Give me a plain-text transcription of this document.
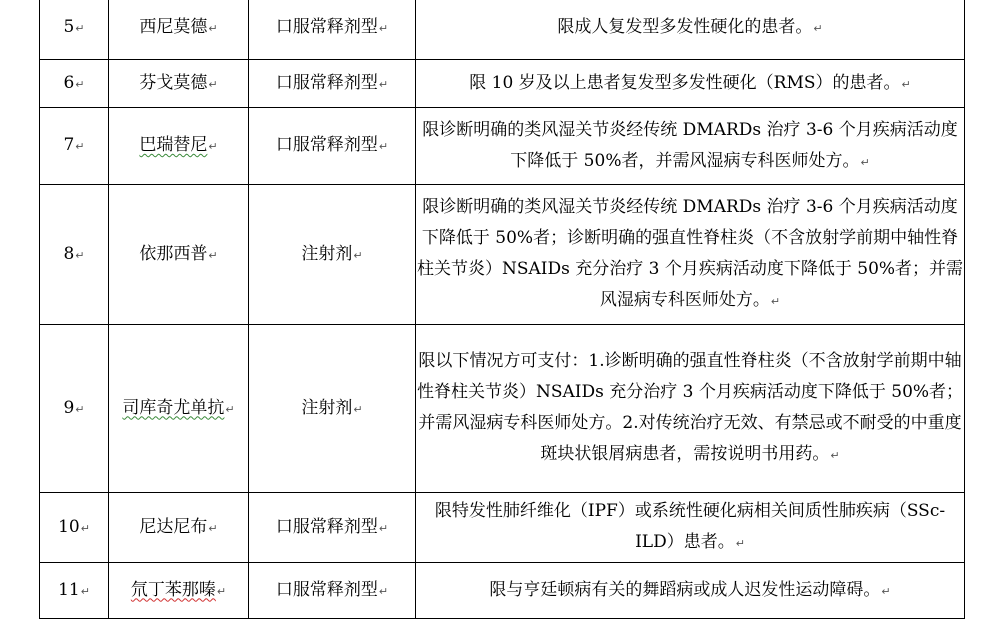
5↵	西尼莫德↵	口服常释剂型↵	限成人复发型多发性硬化的患者。↵
6↵	芬戈莫德↵	口服常释剂型↵	限 10 岁及以上患者复发型多发性硬化（RMS）的患者。↵
7↵	巴瑞替尼↵	口服常释剂型↵	限诊断明确的类风湿关节炎经传统 DMARDs 治疗 3-6 个月疾病活动度下降低于 50%者，并需风湿病专科医师处方。↵
8↵	依那西普↵	注射剂↵	限诊断明确的类风湿关节炎经传统 DMARDs 治疗 3-6 个月疾病活动度下降低于 50%者；诊断明确的强直性脊柱炎（不含放射学前期中轴性脊柱关节炎）NSAIDs 充分治疗 3 个月疾病活动度下降低于 50%者；并需风湿病专科医师处方。↵
9↵	司库奇尤单抗↵	注射剂↵	限以下情况方可支付：1.诊断明确的强直性脊柱炎（不含放射学前期中轴性脊柱关节炎）NSAIDs 充分治疗 3 个月疾病活动度下降低于 50%者；并需风湿病专科医师处方。2.对传统治疗无效、有禁忌或不耐受的中重度斑块状银屑病患者，需按说明书用药。↵
10↵	尼达尼布↵	口服常释剂型↵	限特发性肺纤维化（IPF）或系统性硬化病相关间质性肺疾病（SSc-ILD）患者。↵
11↵	氘丁苯那嗪↵	口服常释剂型↵	限与亨廷顿病有关的舞蹈病或成人迟发性运动障碍。↵
